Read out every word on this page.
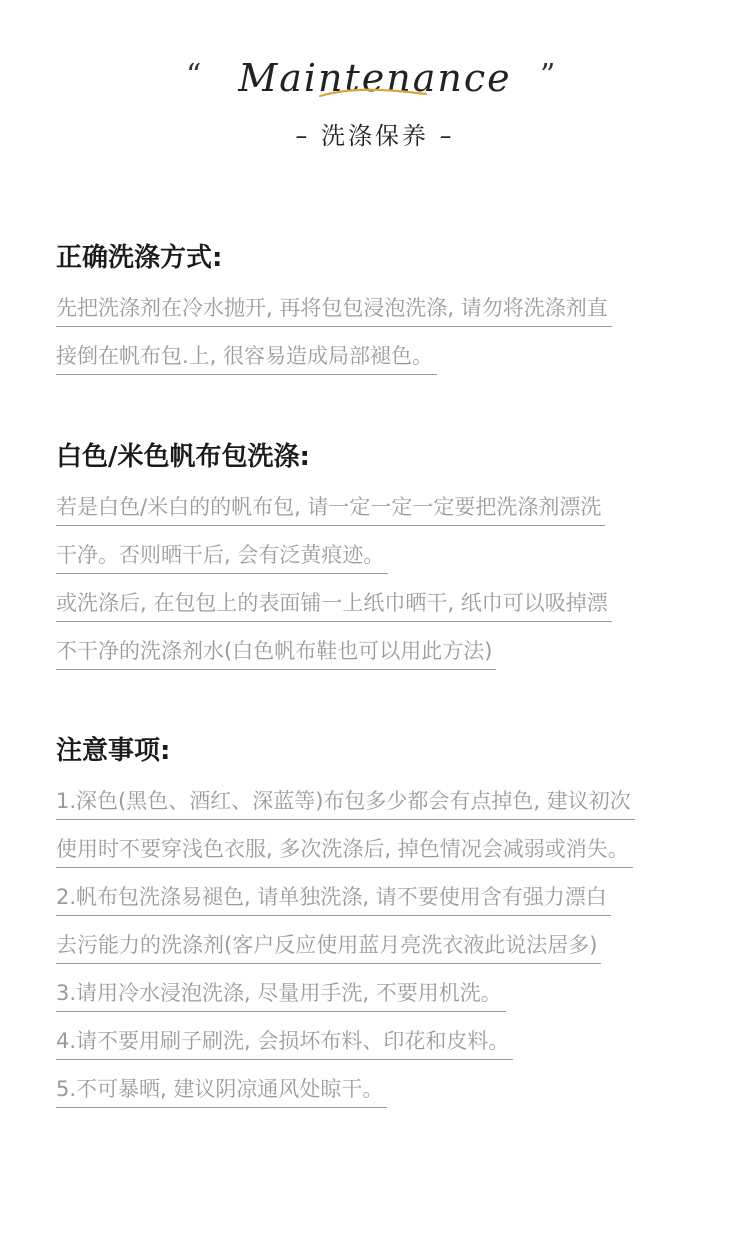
“ Maintenance ”
– 洗涤保养 –
正确洗涤方式:
先把洗涤剂在冷水抛开, 再将包包浸泡洗涤, 请勿将洗涤剂直
接倒在帆布包.上, 很容易造成局部褪色。
白色/米色帆布包洗涤:
若是白色/米白的的帆布包, 请一定一定一定要把洗涤剂漂洗
干净。否则晒干后, 会有泛黄痕迹。
或洗涤后, 在包包上的表面铺一上纸巾晒干, 纸巾可以吸掉漂
不干净的洗涤剂水(白色帆布鞋也可以用此方法)
注意事项:
1.深色(黑色、酒红、深蓝等)布包多少都会有点掉色, 建议初次
使用时不要穿浅色衣服, 多次洗涤后, 掉色情况会减弱或消失。
2.帆布包洗涤易褪色, 请单独洗涤, 请不要使用含有强力漂白
去污能力的洗涤剂(客户反应使用蓝月亮洗衣液此说法居多)
3.请用冷水浸泡洗涤, 尽量用手洗, 不要用机洗。
4.请不要用刷子刷洗, 会损坏布料、印花和皮料。
5.不可暴晒, 建议阴凉通风处晾干。
